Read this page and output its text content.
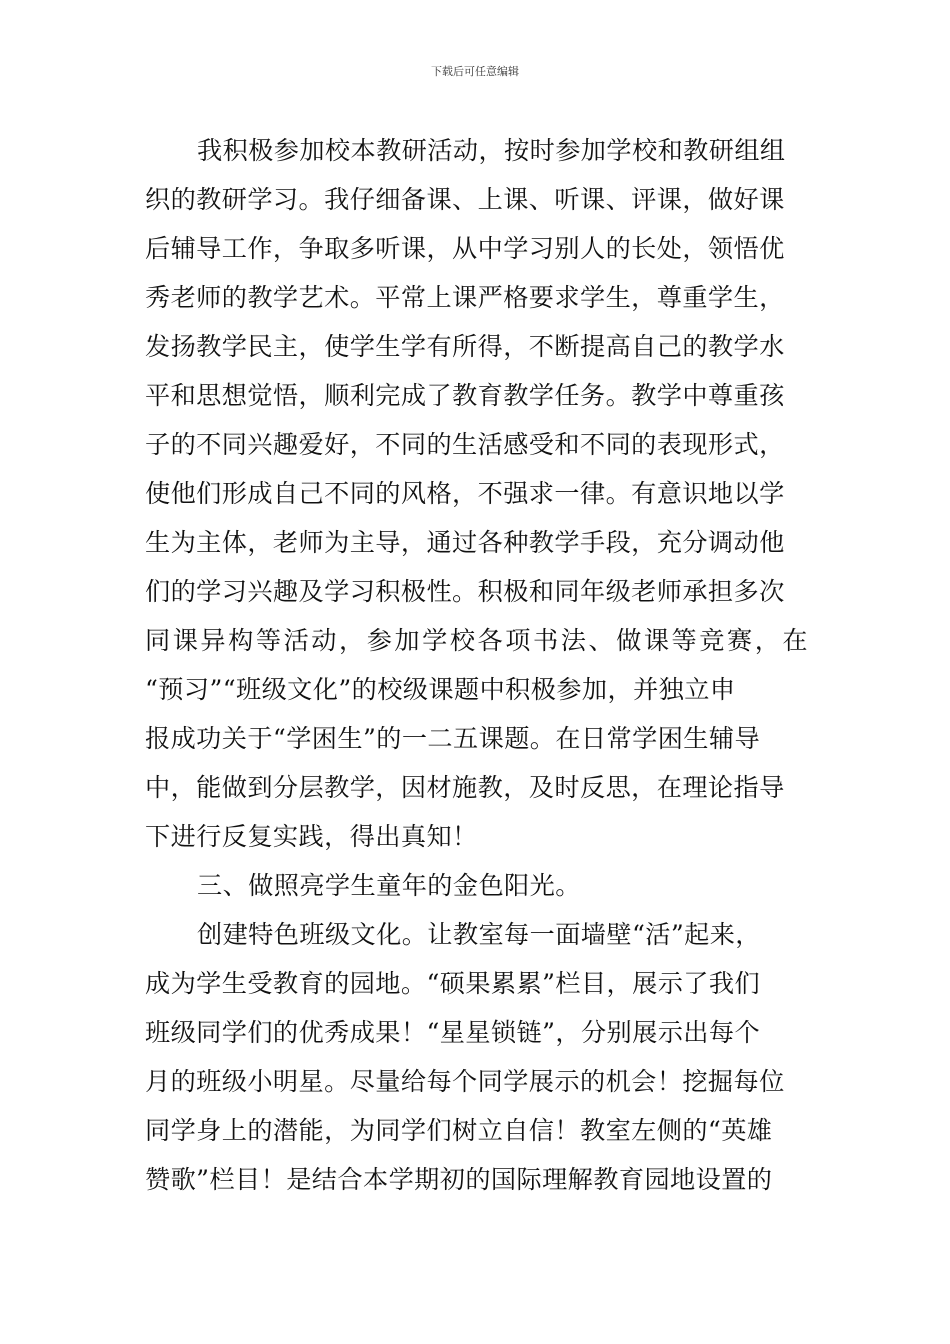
下载后可任意编辑
我积极参加校本教研活动，按时参加学校和教研组组
织的教研学习。我仔细备课、上课、听课、评课，做好课
后辅导工作，争取多听课，从中学习别人的长处，领悟优
秀老师的教学艺术。平常上课严格要求学生，尊重学生，
发扬教学民主，使学生学有所得，不断提高自己的教学水
平和思想觉悟，顺利完成了教育教学任务。教学中尊重孩
子的不同兴趣爱好，不同的生活感受和不同的表现形式，
使他们形成自己不同的风格，不强求一律。有意识地以学
生为主体，老师为主导，通过各种教学手段，充分调动他
们的学习兴趣及学习积极性。积极和同年级老师承担多次
同课异构等活动，参加学校各项书法、做课等竞赛，在
“预习”“班级文化”的校级课题中积极参加，并独立申
报成功关于“学困生”的一二五课题。在日常学困生辅导
中，能做到分层教学，因材施教，及时反思，在理论指导
下进行反复实践，得出真知！
三、做照亮学生童年的金色阳光。
创建特色班级文化。让教室每一面墙壁“活”起来，
成为学生受教育的园地。“硕果累累”栏目，展示了我们
班级同学们的优秀成果！“星星锁链”，分别展示出每个
月的班级小明星。尽量给每个同学展示的机会！挖掘每位
同学身上的潜能，为同学们树立自信！教室左侧的“英雄
赞歌”栏目！是结合本学期初的国际理解教育园地设置的
